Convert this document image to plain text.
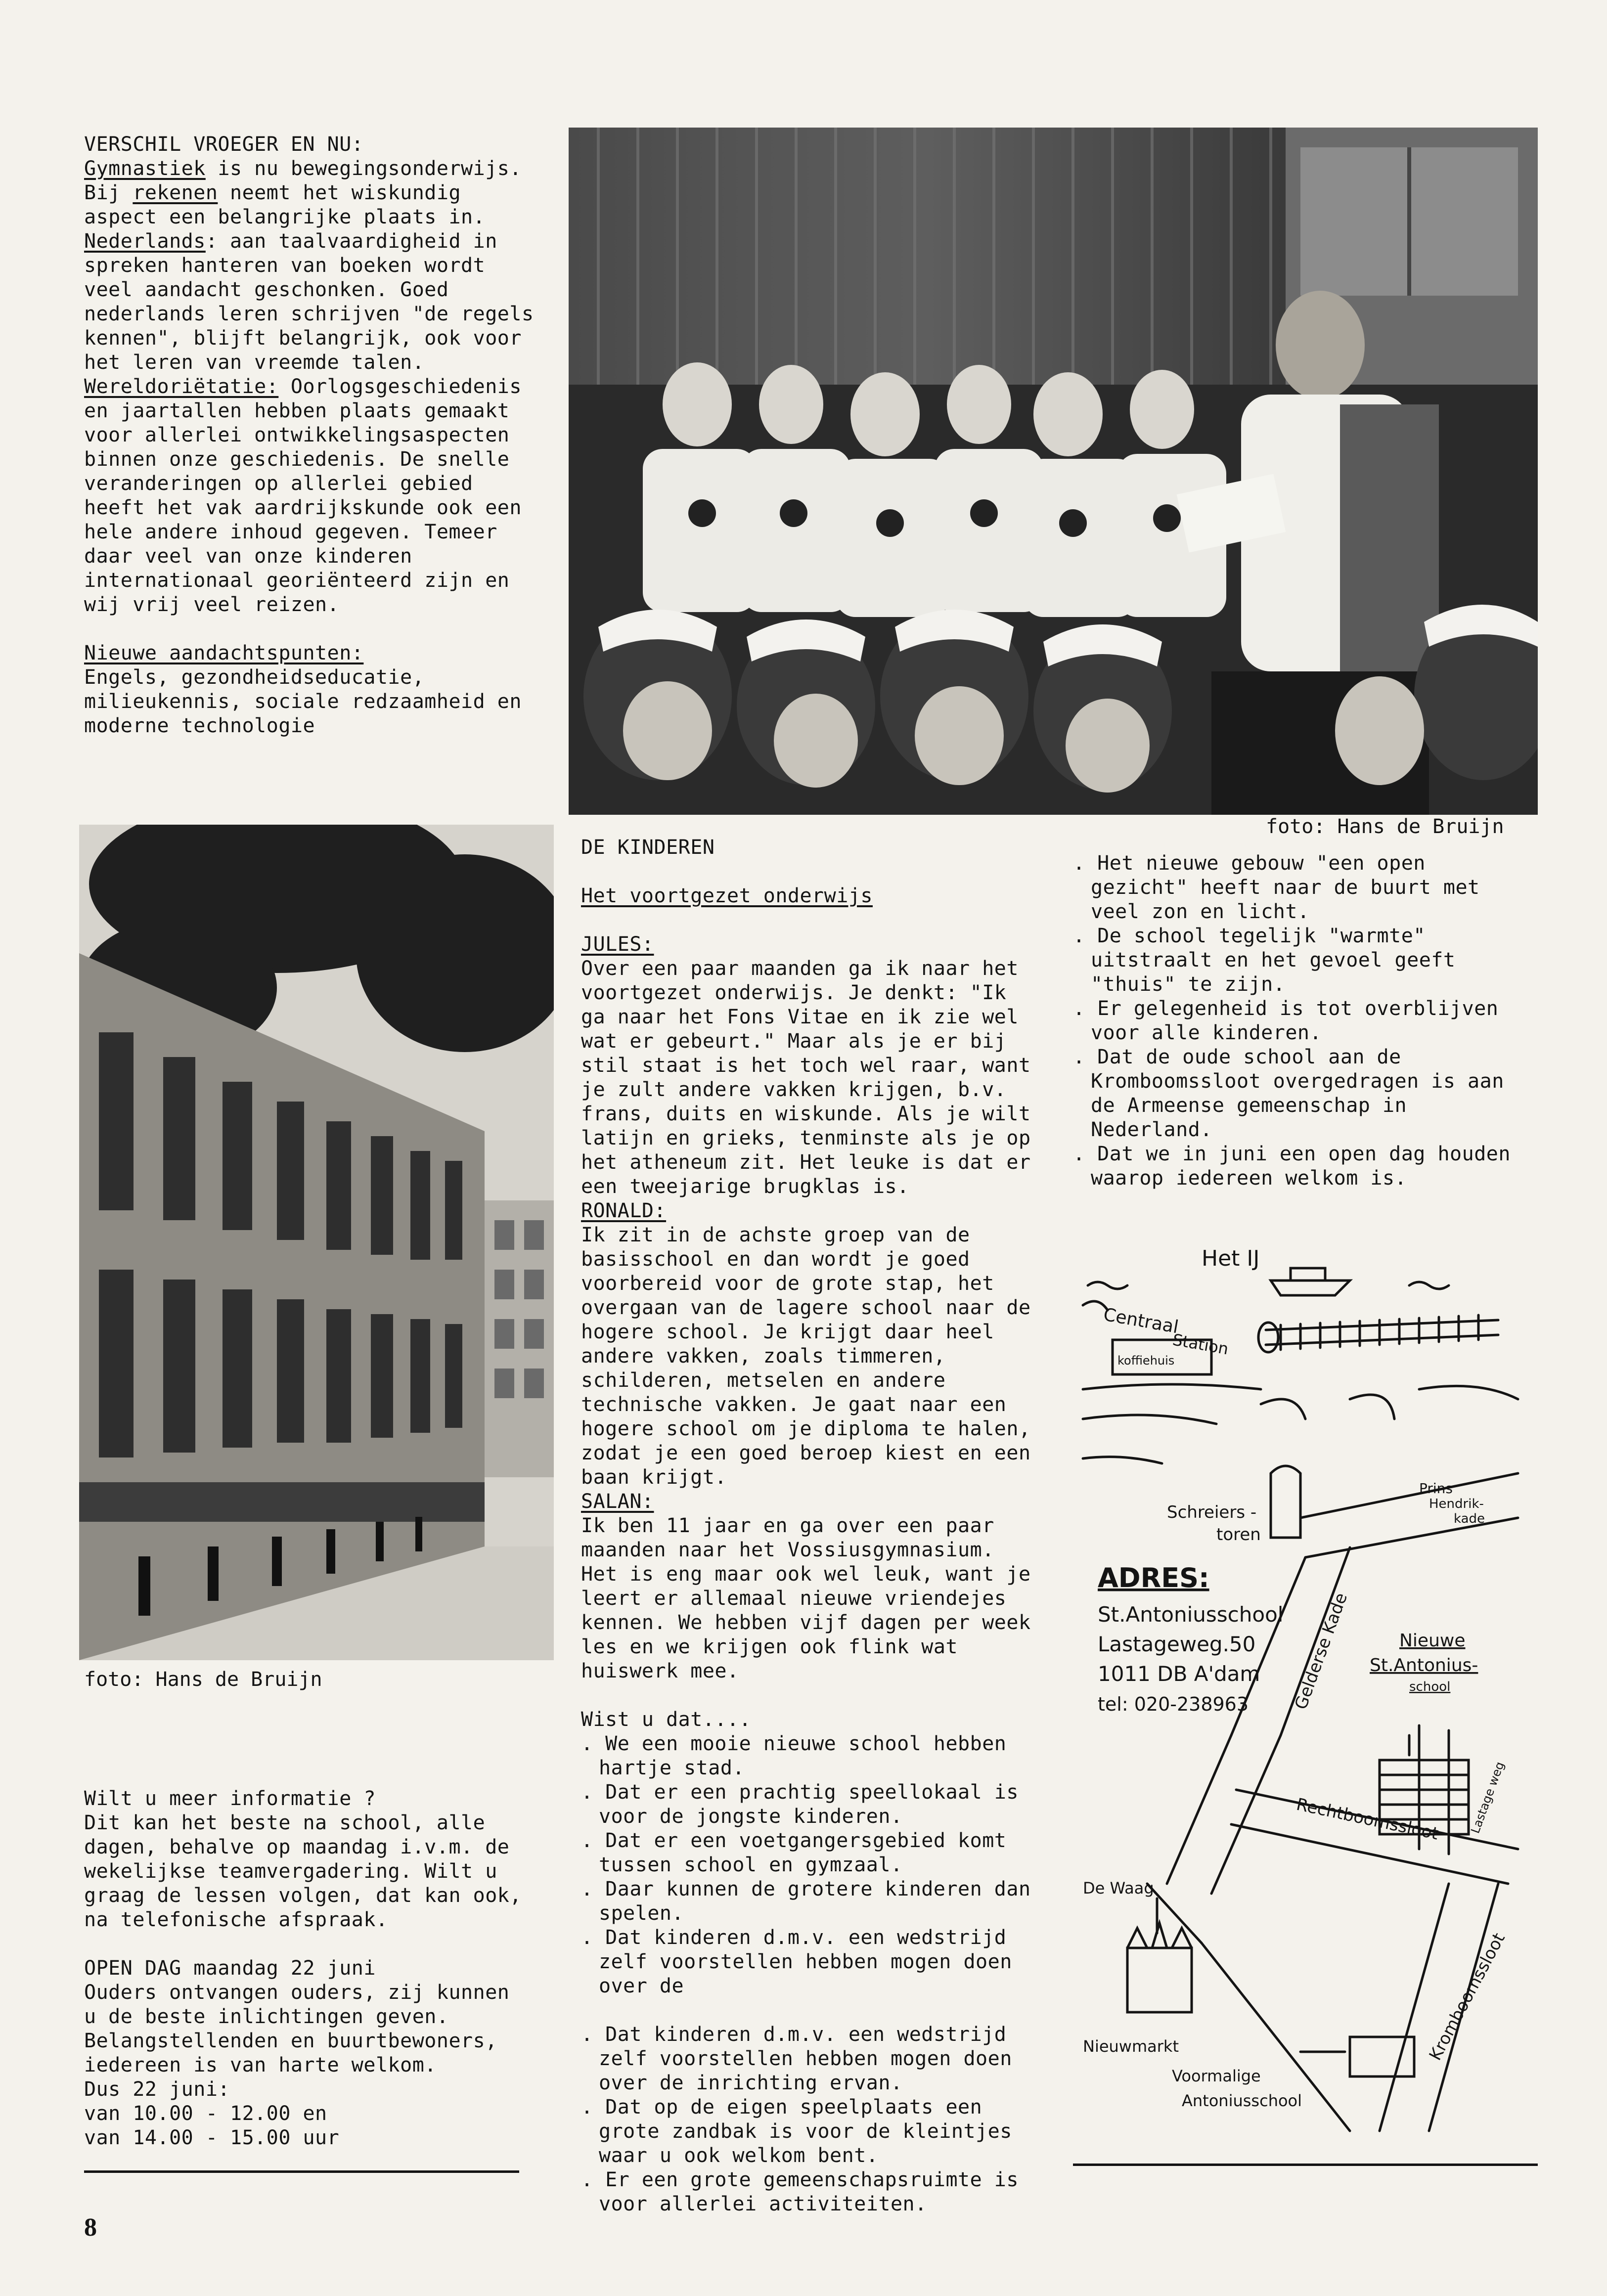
VERSCHIL VROEGER EN NU:

Gymnastiek is nu bewegingsonderwijs.

Bij rekenen neemt het wiskundig aspect een belangrijke plaats in.

Nederlands: aan taalvaardigheid in spreken hanteren van boeken wordt veel aandacht geschonken. Goed nederlands leren schrijven "de regels kennen", blijft belangrijk, ook voor het leren van vreemde talen.

Wereldoriëtatie: Oorlogsgeschiedenis en jaartallen hebben plaats gemaakt voor allerlei ontwikkelingsaspecten binnen onze geschiedenis. De snelle veranderingen op allerlei gebied heeft het vak aardrijkskunde ook een hele andere inhoud gegeven. Temeer daar veel van onze kinderen internationaal georiënteerd zijn en wij vrij veel reizen.

Nieuwe aandachtspunten:

Engels, gezondheidseducatie, milieukennis, sociale redzaamheid en moderne technologie

foto: Hans de Bruijn
foto: Hans de Bruijn

Wilt u meer informatie ?

Dit kan het beste na school, alle dagen, behalve op maandag i.v.m. de wekelijkse teamvergadering. Wilt u graag de lessen volgen, dat kan ook, na telefonische afspraak.

OPEN DAG maandag 22 juni

Ouders ontvangen ouders, zij kunnen u de beste inlichtingen geven. Belangstellenden en buurtbewoners, iedereen is van harte welkom.

Dus 22 juni:

van 10.00 - 12.00 en

van 14.00 - 15.00 uur

DE KINDEREN

Het voortgezet onderwijs

JULES:

Over een paar maanden ga ik naar het voortgezet onderwijs. Je denkt: "Ik ga naar het Fons Vitae en ik zie wel wat er gebeurt." Maar als je er bij stil staat is het toch wel raar, want je zult andere vakken krijgen, b.v. frans, duits en wiskunde. Als je wilt latijn en grieks, tenminste als je op het atheneum zit. Het leuke is dat er een tweejarige brugklas is.

RONALD:

Ik zit in de achste groep van de basisschool en dan wordt je goed voorbereid voor de grote stap, het overgaan van de lagere school naar de hogere school. Je krijgt daar heel andere vakken, zoals timmeren, schilderen, metselen en andere technische vakken. Je gaat naar een hogere school om je diploma te halen, zodat je een goed beroep kiest en een baan krijgt.

SALAN:

Ik ben 11 jaar en ga over een paar maanden naar het Vossiusgymnasium. Het is eng maar ook wel leuk, want je leert er allemaal nieuwe vriendejes kennen. We hebben vijf dagen per week les en we krijgen ook flink wat huiswerk mee.

Wist u dat....

. We een mooie nieuwe school hebben hartje stad.

. Dat er een prachtig speellokaal is voor de jongste kinderen.

. Dat er een voetgangersgebied komt tussen school en gymzaal.

. Daar kunnen de grotere kinderen dan spelen.

. Dat kinderen d.m.v. een wedstrijd zelf voorstellen hebben mogen doen over de

. Dat kinderen d.m.v. een wedstrijd zelf voorstellen hebben mogen doen over de inrichting ervan.

. Dat op de eigen speelplaats een grote zandbak is voor de kleintjes waar u ook welkom bent.

. Er een grote gemeenschapsruimte is voor allerlei activiteiten.

. Het nieuwe gebouw "een open gezicht" heeft naar de buurt met veel zon en licht.

. De school tegelijk "warmte" uitstraalt en het gevoel geeft "thuis" te zijn.

. Er gelegenheid is tot overblijven voor alle kinderen.

. Dat de oude school aan de Kromboomssloot overgedragen is aan de Armeense gemeenschap in Nederland.

. Dat we in juni een open dag houden waarop iedereen welkom is.

Het IJ
Centraal
Station
koffiehuis
Schreiers -
toren
Prins
Hendrik-
kade
ADRES:
St.Antoniusschool
Lastageweg.50
1011 DB A'dam
tel: 020-238963
Nieuwe
St.Antonius-
school
Gelderse Kade
Lastage weg
Rechtboomssloot
De Waag
Nieuwmarkt	Kromboomssloot
Voormalige
Antoniusschool
8
